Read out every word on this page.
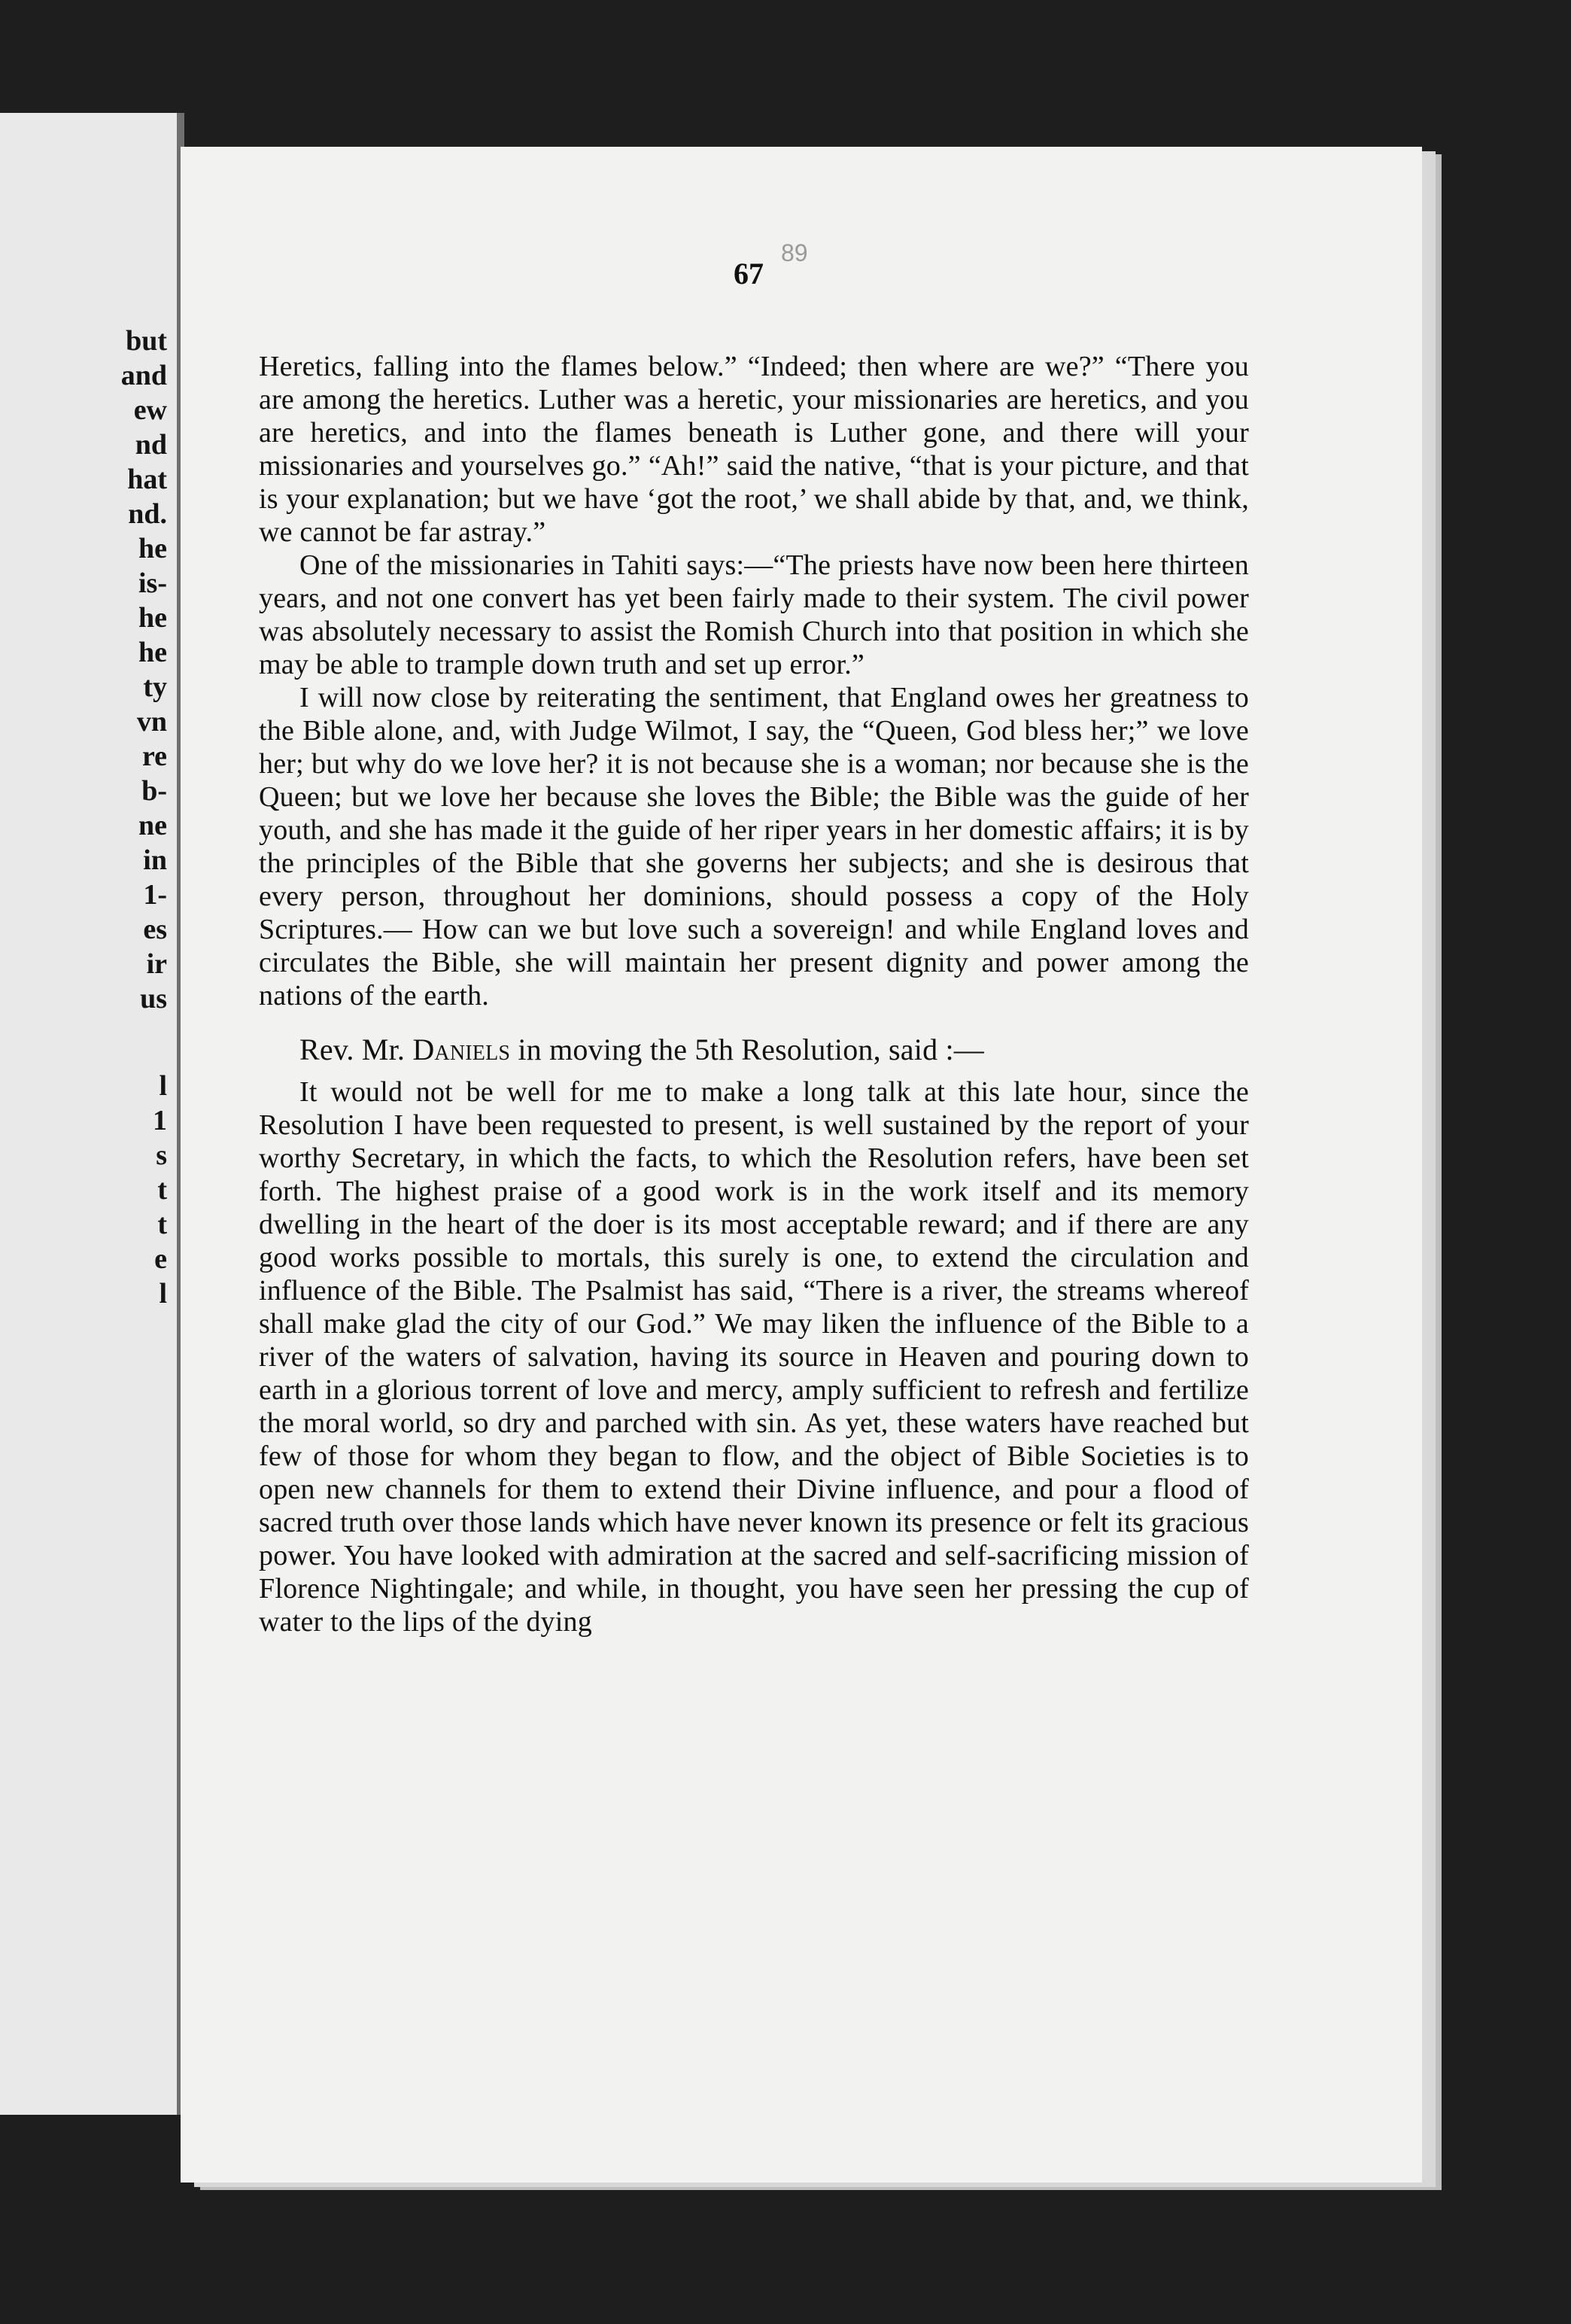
but
and
ew
nd
hat
nd.
he
is-
he
he
ty
vn
re
b-
ne
in
1-
es
ir
us
l
1
s
t
t
e
l
67
89

Heretics, falling into the flames below.” “Indeed; then where are we?” “There you are among the heretics. Luther was a heretic, your missionaries are heretics, and you are heretics, and into the flames beneath is Luther gone, and there will your missionaries and yourselves go.” “Ah!” said the native, “that is your picture, and that is your explanation; but we have ‘got the root,’ we shall abide by that, and, we think, we cannot be far astray.”

One of the missionaries in Tahiti says:—“The priests have now been here thirteen years, and not one convert has yet been fairly made to their system. The civil power was absolutely necessary to assist the Romish Church into that position in which she may be able to trample down truth and set up error.”

I will now close by reiterating the sentiment, that England owes her greatness to the Bible alone, and, with Judge Wilmot, I say, the “Queen, God bless her;” we love her; but why do we love her? it is not because she is a woman; nor because she is the Queen; but we love her because she loves the Bible; the Bible was the guide of her youth, and she has made it the guide of her riper years in her domestic affairs; it is by the principles of the Bible that she governs her subjects; and she is desirous that every person, throughout her dominions, should possess a copy of the Holy Scriptures.— How can we but love such a sovereign! and while England loves and circulates the Bible, she will maintain her present dignity and power among the nations of the earth.

Rev. Mr. Daniels in moving the 5th Resolution, said :—

It would not be well for me to make a long talk at this late hour, since the Resolution I have been requested to present, is well sustained by the report of your worthy Secretary, in which the facts, to which the Resolution refers, have been set forth. The highest praise of a good work is in the work itself and its memory dwelling in the heart of the doer is its most acceptable reward; and if there are any good works possible to mortals, this surely is one, to extend the circulation and influence of the Bible. The Psalmist has said, “There is a river, the streams whereof shall make glad the city of our God.” We may liken the influence of the Bible to a river of the waters of salvation, having its source in Heaven and pouring down to earth in a glorious torrent of love and mercy, amply sufficient to refresh and fertilize the moral world, so dry and parched with sin. As yet, these waters have reached but few of those for whom they began to flow, and the object of Bible Societies is to open new channels for them to extend their Divine influence, and pour a flood of sacred truth over those lands which have never known its presence or felt its gracious power. You have looked with admiration at the sacred and self-sacrificing mission of Florence Nightingale; and while, in thought, you have seen her pressing the cup of water to the lips of the dying
